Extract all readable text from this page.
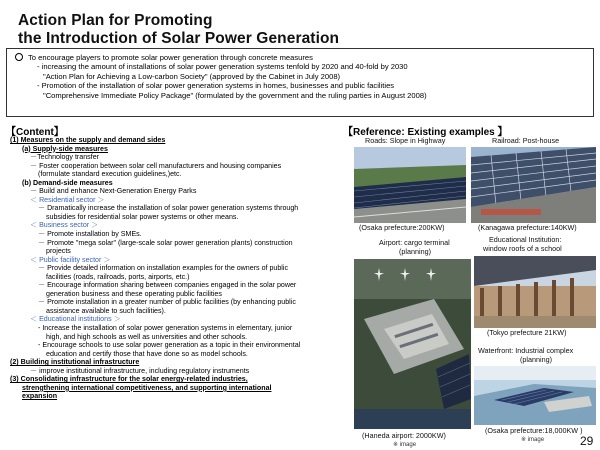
Action Plan for Promoting
the Introduction of Solar Power Generation
To encourage players to promote solar power generation through concrete measures
- increasing the amount of installations of solar power generation systems tenfold by 2020 and 40-fold by 2030
"Action Plan for Achieving a Low-carbon Society" (approved by the Cabinet in July 2008)
- Promotion of the installation of solar power generation systems in homes, businesses and public facilities
"Comprehensive Immediate Policy Package" (formulated by the government and the ruling parties in August 2008)
【Content】
(1) Measures on the supply and demand sides
(a) Supply-side measures
－Technology transfer
－ Foster cooperation between solar cell manufacturers and housing companies
(formulate standard execution guidelines,)etc.
(b) Demand-side measures
－ Build and enhance Next-Generation Energy Parks
＜ Residential sector ＞
－ Dramatically increase the installation of solar power generation systems through
subsidies for residential solar power systems or other means.
＜ Business sector ＞
－ Promote installation by SMEs.
－ Promote "mega solar" (large-scale solar power generation plants) construction
projects
＜ Public facility sector ＞
－ Provide detailed information on installation examples for the owners of public
facilities (roads, railroads, ports, airports, etc.)
－ Encourage information sharing between companies engaged in the solar power
generation business and these operating public facilities
－ Promote installation in a greater number of public facilities (by enhancing public
assistance available to such facilities).
＜ Educational institutions ＞
- Increase the installation of solar power generation systems in elementary, junior
high, and high schools as well as universities and other schools.
- Encourage schools to use solar power generation as a topic in their environmental
education and certify those that have done so as model schools.
(2) Building institutional infrastructure
－ improve institutional infrastructure, including regulatory instruments
(3) Consolidating infrastructure for the solar energy-related industries,
strengthening international competitiveness, and supporting international
expansion
【Reference: Existing examples 】
Roads: Slope in Highway
(Osaka prefecture:200KW)
Railroad: Post-house
(Kanagawa prefecture:140KW)
Airport: cargo terminal
(planning)
(Haneda airport: 2000KW)
※ image
Educational Institution:
window roofs of a school
(Tokyo prefecture 21KW)
Waterfront: Industrial complex
(planning)
(Osaka prefecture:18,000KW )
※ image	29
